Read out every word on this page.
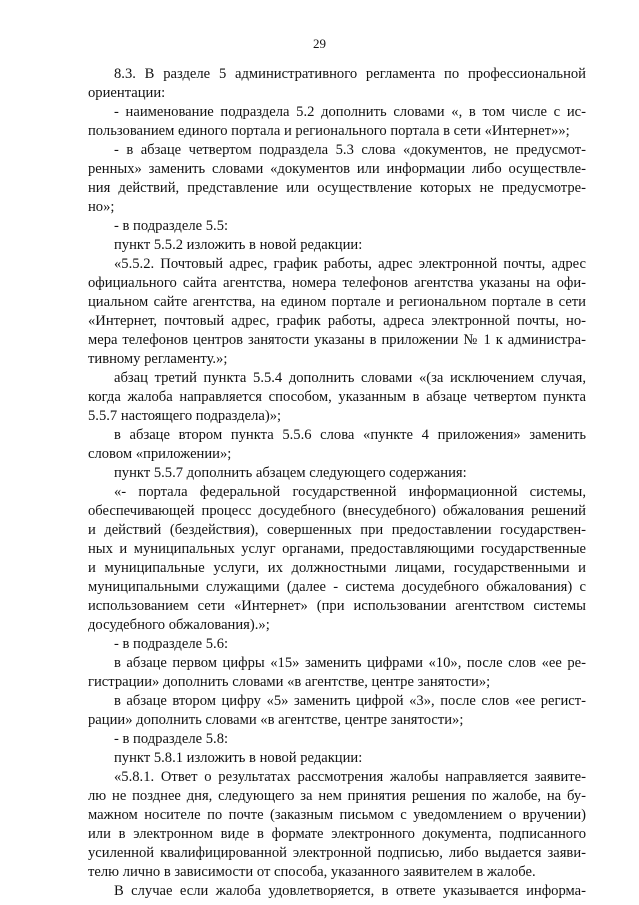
29
8.3. В разделе 5 административного регламента по профессиональной
ориентации:
- наименование подраздела 5.2 дополнить словами «, в том числе с ис-
пользованием единого портала и регионального портала в сети «Интернет»»;
- в абзаце четвертом подраздела 5.3 слова «документов, не предусмот-
ренных» заменить словами «документов или информации либо осуществле-
ния действий, представление или осуществление которых не предусмотре-
но»;
- в подразделе 5.5:
пункт 5.5.2 изложить в новой редакции:
«5.5.2. Почтовый адрес, график работы, адрес электронной почты, адрес
официального сайта агентства, номера телефонов агентства указаны на офи-
циальном сайте агентства, на едином портале и региональном портале в сети
«Интернет, почтовый адрес, график работы, адреса электронной почты, но-
мера телефонов центров занятости указаны в приложении № 1 к администра-
тивному регламенту.»;
абзац третий пункта 5.5.4 дополнить словами «(за исключением случая,
когда жалоба направляется способом, указанным в абзаце четвертом пункта
5.5.7 настоящего подраздела)»;
в абзаце втором пункта 5.5.6 слова «пункте 4 приложения» заменить
словом «приложении»;
пункт 5.5.7 дополнить абзацем следующего содержания:
«- портала федеральной государственной информационной системы,
обеспечивающей процесс досудебного (внесудебного) обжалования решений
и действий (бездействия), совершенных при предоставлении государствен-
ных и муниципальных услуг органами, предоставляющими государственные
и муниципальные услуги, их должностными лицами, государственными и
муниципальными служащими (далее - система досудебного обжалования) с
использованием сети «Интернет» (при использовании агентством системы
досудебного обжалования).»;
- в подразделе 5.6:
в абзаце первом цифры «15» заменить цифрами «10», после слов «ее ре-
гистрации» дополнить словами «в агентстве, центре занятости»;
в абзаце втором цифру «5» заменить цифрой «3», после слов «ее регист-
рации» дополнить словами «в агентстве, центре занятости»;
- в подразделе 5.8:
пункт 5.8.1 изложить в новой редакции:
«5.8.1. Ответ о результатах рассмотрения жалобы направляется заявите-
лю не позднее дня, следующего за нем принятия решения по жалобе, на бу-
мажном носителе по почте (заказным письмом с уведомлением о вручении)
или в электронном виде в формате электронного документа, подписанного
усиленной квалифицированной электронной подписью, либо выдается заяви-
телю лично в зависимости от способа, указанного заявителем в жалобе.
В случае если жалоба удовлетворяется, в ответе указывается информа-
